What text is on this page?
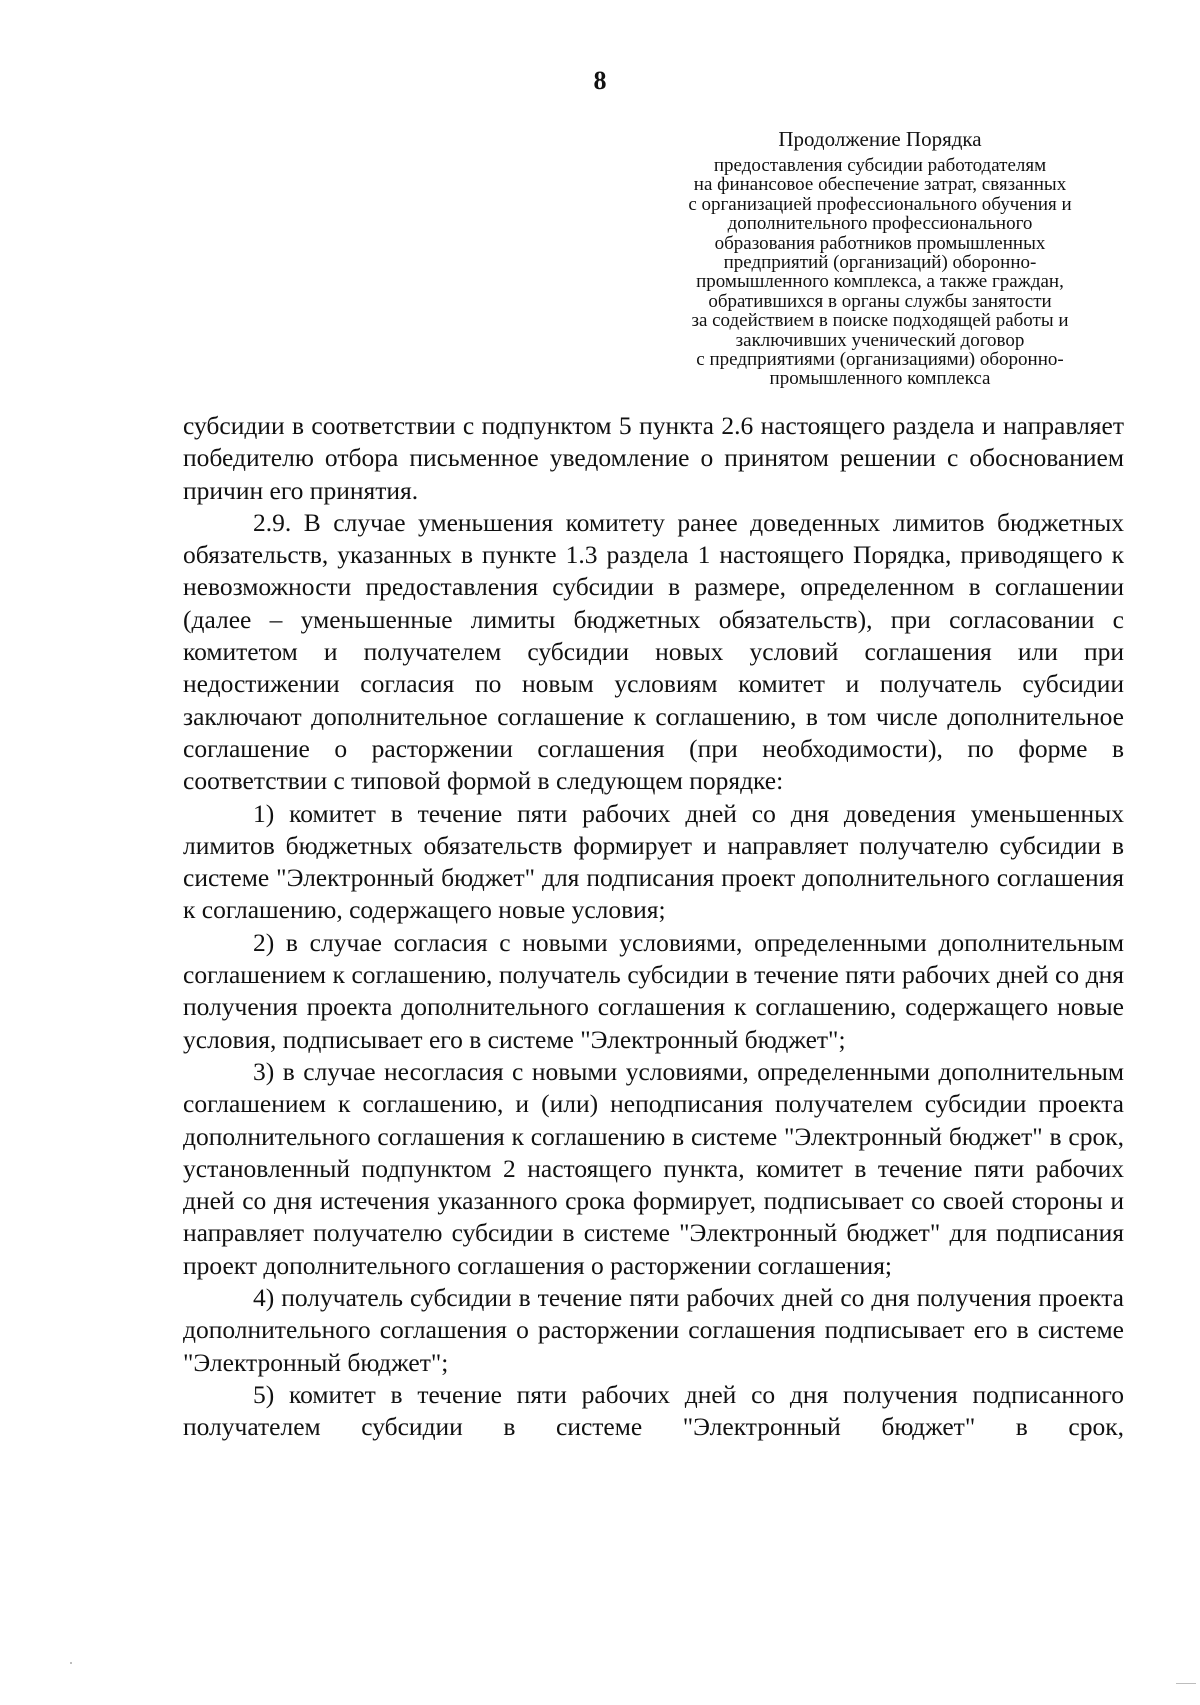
8
Продолжение Порядка
предоставления субсидии работодателям
на финансовое обеспечение затрат, связанных
с организацией профессионального обучения и
дополнительного профессионального
образования работников промышленных
предприятий (организаций) оборонно-
промышленного комплекса, а также граждан,
обратившихся в органы службы занятости
за содействием в поиске подходящей работы и
заключивших ученический договор
с предприятиями (организациями) оборонно-
промышленного комплекса

субсидии в соответствии с подпунктом 5 пункта 2.6 настоящего раздела и направляет победителю отбора письменное уведомление о принятом решении с обоснованием причин его принятия.

2.9. В случае уменьшения комитету ранее доведенных лимитов бюджетных обязательств, указанных в пункте 1.3 раздела 1 настоящего Порядка, приводящего к невозможности предоставления субсидии в размере, определенном в соглашении (далее – уменьшенные лимиты бюджетных обязательств), при согласовании с комитетом и получателем субсидии новых условий соглашения или при недостижении согласия по новым условиям комитет и получатель субсидии заключают дополнительное соглашение к соглашению, в том числе дополнительное соглашение о расторжении соглашения (при необходимости), по форме в соответствии с типовой формой в следующем порядке:

1) комитет в течение пяти рабочих дней со дня доведения уменьшенных лимитов бюджетных обязательств формирует и направляет получателю субсидии в системе "Электронный бюджет" для подписания проект дополнительного соглашения к соглашению, содержащего новые условия;

2) в случае согласия с новыми условиями, определенными дополнительным соглашением к соглашению, получатель субсидии в течение пяти рабочих дней со дня получения проекта дополнительного соглашения к соглашению, содержащего новые условия, подписывает его в системе "Электронный бюджет";

3) в случае несогласия с новыми условиями, определенными дополнительным соглашением к соглашению, и (или) неподписания получателем субсидии проекта дополнительного соглашения к соглашению в системе "Электронный бюджет" в срок, установленный подпунктом 2 настоящего пункта, комитет в течение пяти рабочих дней со дня истечения указанного срока формирует, подписывает со своей стороны и направляет получателю субсидии в системе "Электронный бюджет" для подписания проект дополнительного соглашения о расторжении соглашения;

4) получатель субсидии в течение пяти рабочих дней со дня получения проекта дополнительного соглашения о расторжении соглашения подписывает его в системе "Электронный бюджет";

5) комитет в течение пяти рабочих дней со дня получения подписанного получателем субсидии в системе "Электронный бюджет" в срок,
